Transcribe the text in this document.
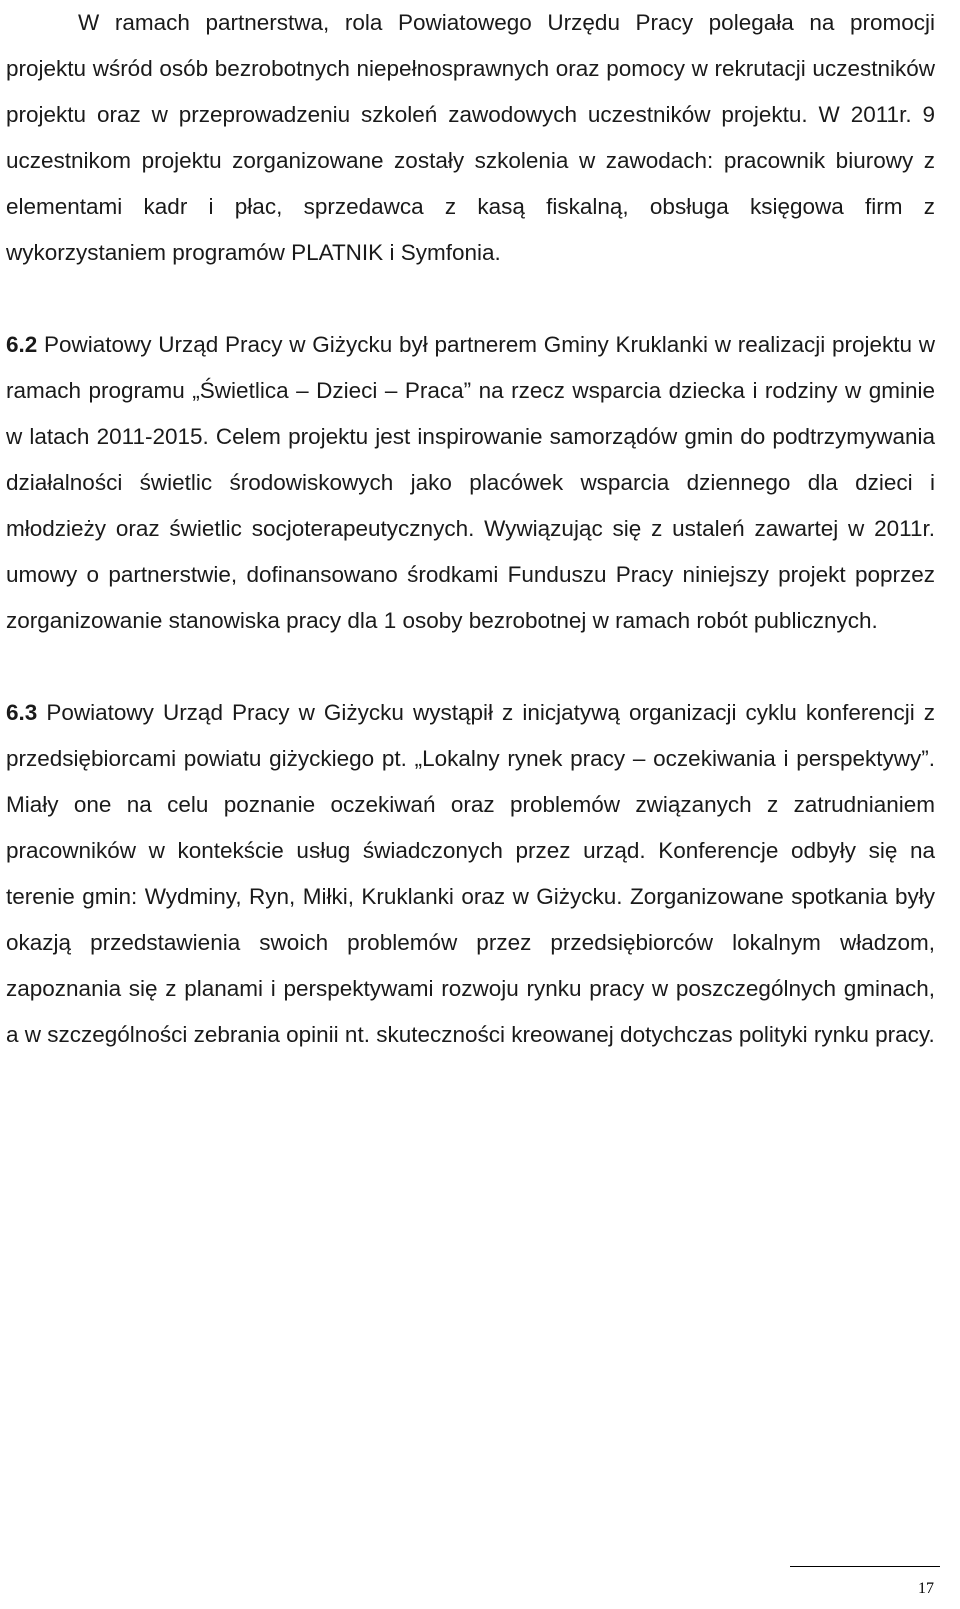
W ramach partnerstwa, rola Powiatowego Urzędu Pracy polegała na promocji projektu wśród osób bezrobotnych niepełnosprawnych oraz pomocy w rekrutacji uczestników projektu oraz w przeprowadzeniu szkoleń zawodowych uczestników projektu. W 2011r. 9 uczestnikom projektu zorganizowane zostały szkolenia w zawodach: pracownik biurowy z elementami kadr i płac, sprzedawca z kasą fiskalną, obsługa księgowa firm z wykorzystaniem programów PLATNIK i Symfonia.

6.2 Powiatowy Urząd Pracy w Giżycku był partnerem Gminy Kruklanki w realizacji projektu w ramach programu „Świetlica – Dzieci – Praca” na rzecz wsparcia dziecka i rodziny w gminie w latach 2011-2015. Celem projektu jest inspirowanie samorządów gmin do podtrzymywania działalności świetlic środowiskowych jako placówek wsparcia dziennego dla dzieci i młodzieży oraz świetlic socjoterapeutycznych. Wywiązując się z ustaleń zawartej w 2011r. umowy o partnerstwie, dofinansowano środkami Funduszu Pracy niniejszy projekt poprzez zorganizowanie stanowiska pracy dla 1 osoby bezrobotnej w ramach robót publicznych.

6.3 Powiatowy Urząd Pracy w Giżycku wystąpił z inicjatywą organizacji cyklu konferencji z przedsiębiorcami powiatu giżyckiego pt. „Lokalny rynek pracy – oczekiwania i perspektywy”. Miały one na celu poznanie oczekiwań oraz problemów związanych z zatrudnianiem pracowników w kontekście usług świadczonych przez urząd. Konferencje odbyły się na terenie gmin: Wydminy, Ryn, Miłki, Kruklanki oraz w Giżycku. Zorganizowane spotkania były okazją przedstawienia swoich problemów przez przedsiębiorców lokalnym władzom, zapoznania się z planami i perspektywami rozwoju rynku pracy w poszczególnych gminach, a w szczególności zebrania opinii nt. skuteczności kreowanej dotychczas polityki rynku pracy.

17
